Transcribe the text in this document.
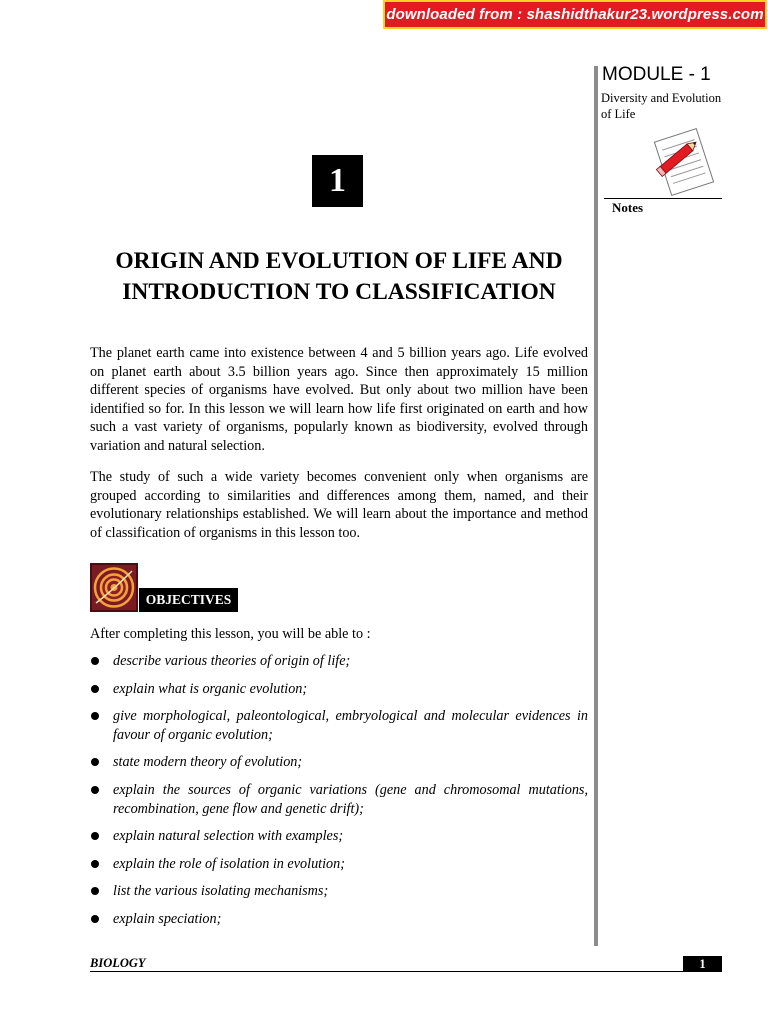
downloaded from : shashidthakur23.wordpress.com
MODULE - 1

Diversity and Evolution of Life

Notes
1
ORIGIN AND EVOLUTION OF LIFE AND
INTRODUCTION TO CLASSIFICATION

The planet earth came into existence between 4 and 5 billion years ago. Life evolved on planet earth about 3.5 billion years ago. Since then approximately 15 million different species of organisms have evolved. But only about two million have been identified so for. In this lesson we will learn how life first originated on earth and how such a vast variety of organisms, popularly known as biodiversity, evolved through variation and natural selection.

The study of such a wide variety becomes convenient only when organisms are grouped according to similarities and differences among them, named, and their evolutionary relationships established. We will learn about the importance and method of classification of organisms in this lesson too.

OBJECTIVES

After completing this lesson, you will be able to :

describe various theories of origin of life;
explain what is organic evolution;
give morphological, paleontological, embryological and molecular evidences in favour of organic evolution;
state modern theory of evolution;
explain the sources of organic variations (gene and chromosomal mutations, recombination, gene flow and genetic drift);
explain natural selection with examples;
explain the role of isolation in evolution;
list the various isolating mechanisms;
explain speciation;
BIOLOGY	1
